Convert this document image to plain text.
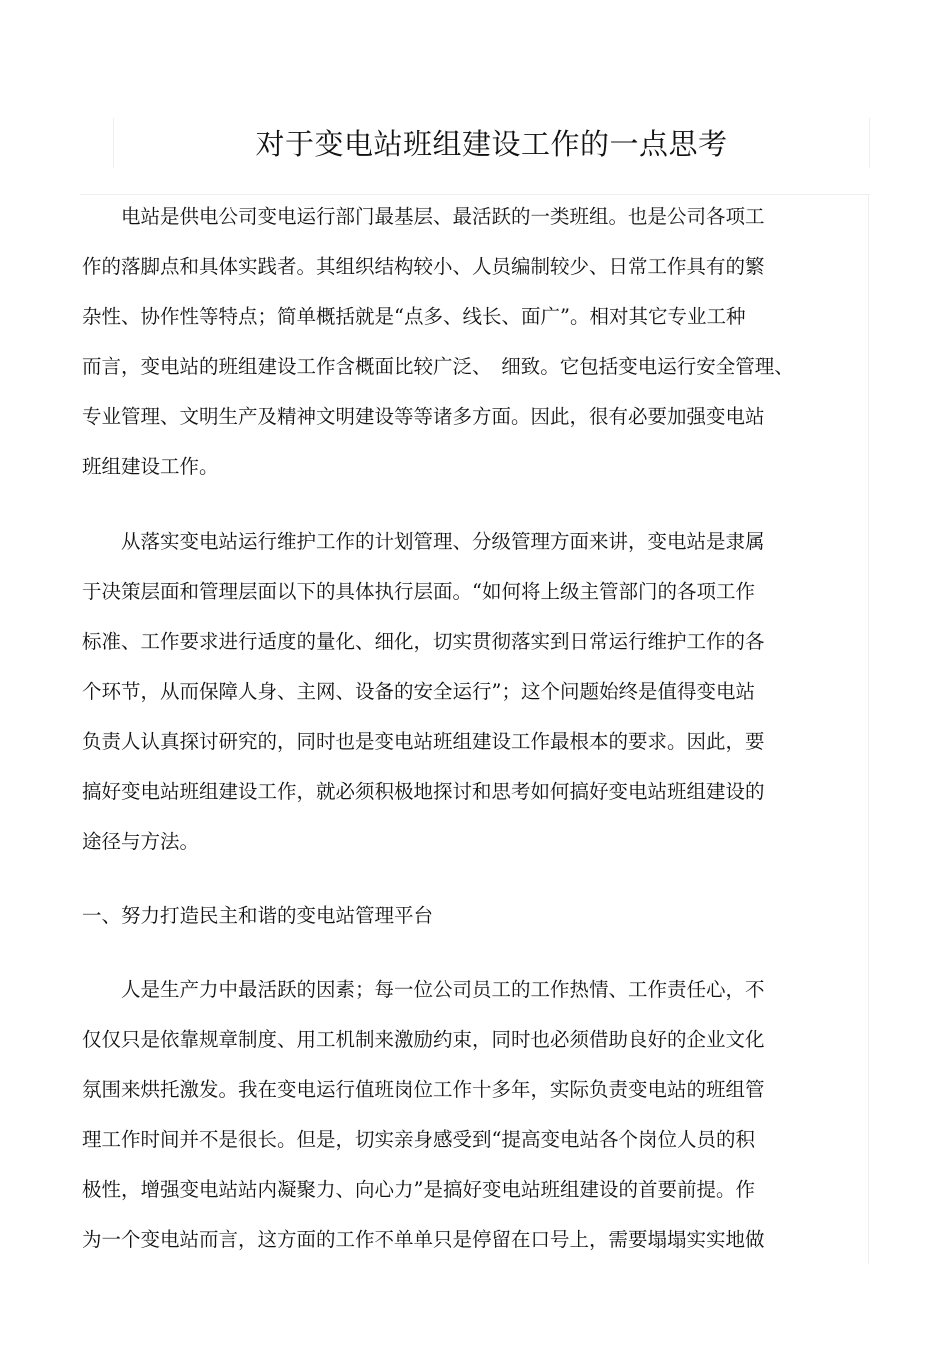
对于变电站班组建设工作的一点思考
电站是供电公司变电运行部门最基层、最活跃的一类班组。也是公司各项工
作的落脚点和具体实践者。其组织结构较小、人员编制较少、日常工作具有的繁
杂性、协作性等特点；简单概括就是“点多、线长、面广”。相对其它专业工种
而言，变电站的班组建设工作含概面比较广泛、　细致。它包括变电运行安全管理、
专业管理、文明生产及精神文明建设等等诸多方面。因此，很有必要加强变电站
班组建设工作。
从落实变电站运行维护工作的计划管理、分级管理方面来讲，变电站是隶属
于决策层面和管理层面以下的具体执行层面。“如何将上级主管部门的各项工作
标准、工作要求进行适度的量化、细化，切实贯彻落实到日常运行维护工作的各
个环节，从而保障人身、主网、设备的安全运行”；这个问题始终是值得变电站
负责人认真探讨研究的，同时也是变电站班组建设工作最根本的要求。因此，要
搞好变电站班组建设工作，就必须积极地探讨和思考如何搞好变电站班组建设的
途径与方法。
一、努力打造民主和谐的变电站管理平台
人是生产力中最活跃的因素；每一位公司员工的工作热情、工作责任心，不
仅仅只是依靠规章制度、用工机制来激励约束，同时也必须借助良好的企业文化
氛围来烘托激发。我在变电运行值班岗位工作十多年，实际负责变电站的班组管
理工作时间并不是很长。但是，切实亲身感受到“提高变电站各个岗位人员的积
极性，增强变电站站内凝聚力、向心力”是搞好变电站班组建设的首要前提。作
为一个变电站而言，这方面的工作不单单只是停留在口号上，需要塌塌实实地做
